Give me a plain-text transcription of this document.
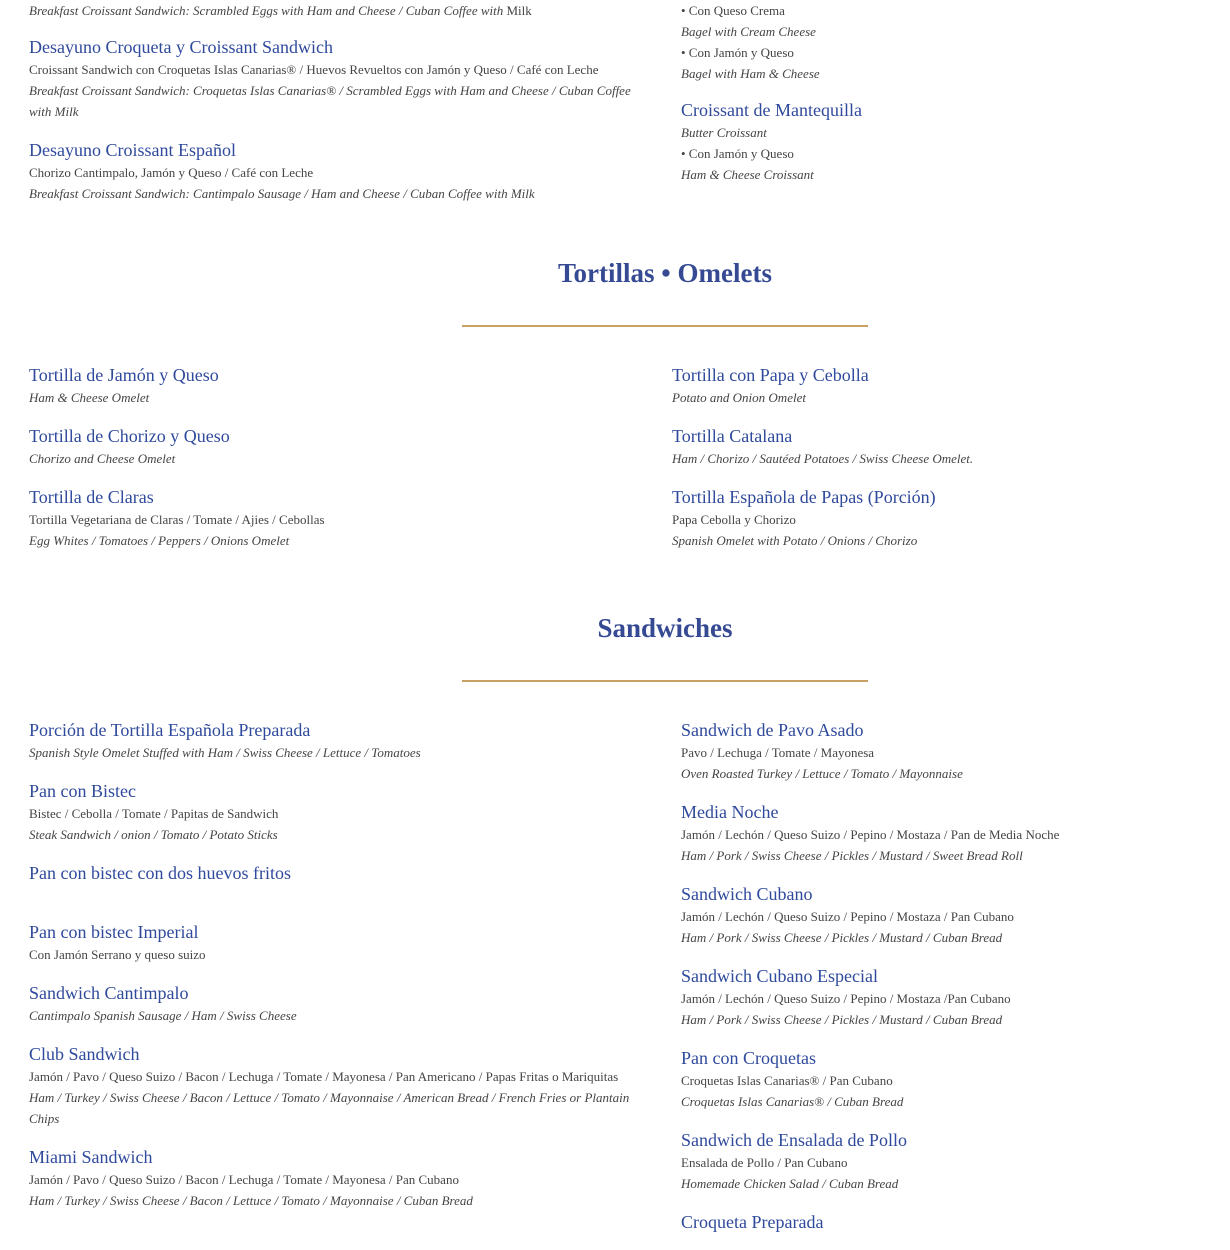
Breakfast Croissant Sandwich: Scrambled Eggs with Ham and Cheese / Cuban Coffee with Milk
Desayuno Croqueta y Croissant Sandwich
Croissant Sandwich con Croquetas Islas Canarias® / Huevos Revueltos con Jamón y Queso / Café con Leche
Breakfast Croissant Sandwich: Croquetas Islas Canarias® / Scrambled Eggs with Ham and Cheese / Cuban Coffee with Milk
Desayuno Croissant Español
Chorizo Cantimpalo, Jamón y Queso / Café con Leche
Breakfast Croissant Sandwich: Cantimpalo Sausage / Ham and Cheese / Cuban Coffee with Milk
• Con Queso Crema
Bagel with Cream Cheese
• Con Jamón y Queso
Bagel with Ham & Cheese
Croissant de Mantequilla
Butter Croissant
• Con Jamón y Queso
Ham & Cheese Croissant
Tortillas • Omelets
Tortilla de Jamón y Queso
Ham & Cheese Omelet
Tortilla de Chorizo y Queso
Chorizo and Cheese Omelet
Tortilla de Claras
Tortilla Vegetariana de Claras / Tomate / Ajies / Cebollas
Egg Whites / Tomatoes / Peppers / Onions Omelet
Tortilla con Papa y Cebolla
Potato and Onion Omelet
Tortilla Catalana
Ham / Chorizo / Sautéed Potatoes / Swiss Cheese Omelet.
Tortilla Española de Papas (Porción)
Papa Cebolla y Chorizo
Spanish Omelet with Potato / Onions / Chorizo
Sandwiches
Porción de Tortilla Española Preparada
Spanish Style Omelet Stuffed with Ham / Swiss Cheese / Lettuce / Tomatoes
Pan con Bistec
Bistec / Cebolla / Tomate / Papitas de Sandwich
Steak Sandwich / onion / Tomato / Potato Sticks
Pan con bistec con dos huevos fritos
Pan con bistec Imperial
Con Jamón Serrano y queso suizo
Sandwich Cantimpalo
Cantimpalo Spanish Sausage / Ham / Swiss Cheese
Club Sandwich
Jamón / Pavo / Queso Suizo / Bacon / Lechuga / Tomate / Mayonesa / Pan Americano / Papas Fritas o Mariquitas
Ham / Turkey / Swiss Cheese / Bacon / Lettuce / Tomato / Mayonnaise / American Bread / French Fries or Plantain Chips
Miami Sandwich
Jamón / Pavo / Queso Suizo / Bacon / Lechuga / Tomate / Mayonesa / Pan Cubano
Ham / Turkey / Swiss Cheese / Bacon / Lettuce / Tomato / Mayonnaise / Cuban Bread
Sandwich de Pavo Asado
Pavo / Lechuga / Tomate / Mayonesa
Oven Roasted Turkey / Lettuce / Tomato / Mayonnaise
Media Noche
Jamón / Lechón / Queso Suizo / Pepino / Mostaza / Pan de Media Noche
Ham / Pork / Swiss Cheese / Pickles / Mustard / Sweet Bread Roll
Sandwich Cubano
Jamón / Lechón / Queso Suizo / Pepino / Mostaza / Pan Cubano
Ham / Pork / Swiss Cheese / Pickles / Mustard / Cuban Bread
Sandwich Cubano Especial
Jamón / Lechón / Queso Suizo / Pepino / Mostaza /Pan Cubano
Ham / Pork / Swiss Cheese / Pickles / Mustard / Cuban Bread
Pan con Croquetas
Croquetas Islas Canarias® / Pan Cubano
Croquetas Islas Canarias® / Cuban Bread
Sandwich de Ensalada de Pollo
Ensalada de Pollo / Pan Cubano
Homemade Chicken Salad / Cuban Bread
Croqueta Preparada
